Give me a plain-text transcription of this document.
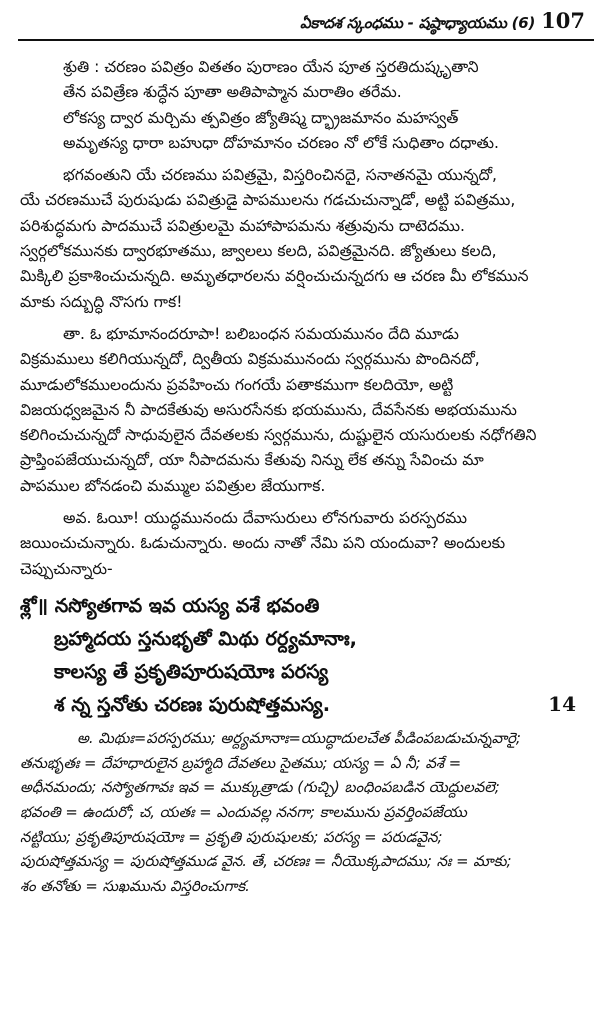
ఏకాదశ స్కంధము - షష్ఠాధ్యాయము (6) 107
శ్రుతి : చరణం పవిత్రం వితతం పురాణం యేన పూత స్తరతిదుష్కృతాని
తేన పవిత్రేణ శుద్ధేన పూతా అతిపాప్మాన మరాతిం తరేమ.
లోకస్య ద్వార మర్చిమ త్పవిత్రం జ్యోతిష్మ ద్భ్రాజమానం మహస్వత్
అమృతస్య ధారా బహుధా దోహమానం చరణం నో లోకే సుధితాం దధాతు.
భగవంతుని యే చరణము పవిత్రమై, విస్తరించినదై, సనాతనమై యున్నదో,
యే చరణముచే పురుషుడు పవిత్రుడై పాపములను గడచుచున్నాడో, అట్టి పవిత్రము,
పరిశుద్ధమగు పాదముచే పవిత్రులమై మహాపాపమను శత్రువును దాటెదము.
స్వర్గలోకమునకు ద్వారభూతము, జ్వాలలు కలది, పవిత్రమైనది. జ్యోతులు కలది,
మిక్కిలి ప్రకాశించుచున్నది. అమృతధారలను వర్షించుచున్నదగు ఆ చరణ మీ లోకమున
మాకు సద్బుద్ధి నొసగు గాక!
తా. ఓ భూమానందరూపా! బలిబంధన సమయమునం దేది మూడు
విక్రమములు కలిగియున్నదో, ద్వితీయ విక్రమమునందు స్వర్గమును పొందినదో,
మూడులోకములందును ప్రవహించు గంగయే పతాకముగా కలదియో, అట్టి
విజయధ్వజమైన నీ పాదకేతువు అసురసేనకు భయమును, దేవసేనకు అభయమును
కలిగించుచున్నదో సాధువులైన దేవతలకు స్వర్గమును, దుష్టులైన యసురులకు నధోగతిని
ప్రాప్తింపజేయుచున్నదో, యా నీపాదమను కేతువు నిన్ను లేక తన్ను సేవించు మా
పాపముల బోనడంచి మమ్ముల పవిత్రుల జేయుగాక.
అవ. ఓయీ! యుద్ధమునందు దేవాసురులు లోనగువారు పరస్పరము
జయించుచున్నారు. ఓడుచున్నారు. అందు నాతో నేమి పని యందువా? అందులకు
చెప్పుచున్నారు-
శ్లో॥ నస్యోతగావ ఇవ యస్య వశే భవంతి
బ్రహ్మాదయ స్తనుభృతో మిథు రర్ద్యమానాః,
కాలస్య తే ప్రకృతిపూరుషయోః పరస్య
శ న్న స్తనోతు చరణః పురుషోత్తమస్య.	14
అ. మిథుః=పరస్పరము; అర్ద్యమానాః=యుద్ధాదులచేత పీడింపబడుచున్నవారై;
తనుభృతః = దేహధారులైన బ్రహ్మాది దేవతలు సైతము; యస్య = ఏ నీ; వశే =
అధీనమందు; నస్యోతగావః ఇవ = ముక్కుత్రాడు (గుచ్చి) బంధింపబడిన యెద్దులవలె;
భవంతి = ఉందురో; చ, యతః = ఎందువల్ల ననగా; కాలమును ప్రవర్తింపజేయు
నట్టియు; ప్రకృతిపూరుషయోః = ప్రకృతి పురుషులకు; పరస్య = పరుడవైన;
పురుషోత్తమస్య = పురుషోత్తముడ వైన. తే, చరణః = నీయొక్కపాదము; నః = మాకు;
శం తనోతు = సుఖమును విస్తరించుగాక.
